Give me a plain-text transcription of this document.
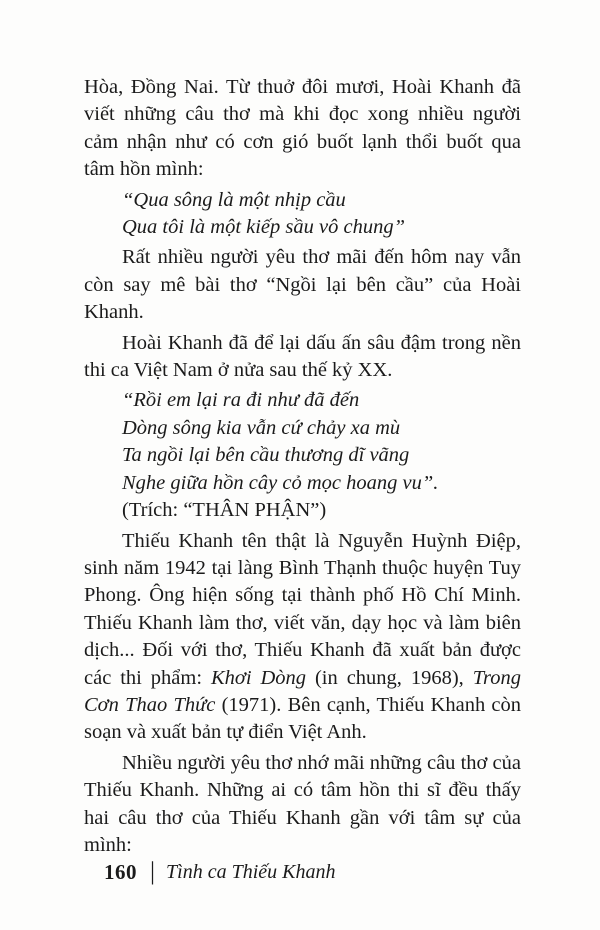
Hòa, Đồng Nai. Từ thuở đôi mươi, Hoài Khanh đã viết những câu thơ mà khi đọc xong nhiều người cảm nhận như có cơn gió buốt lạnh thổi buốt qua tâm hồn mình:

“Qua sông là một nhịp cầu
Qua tôi là một kiếp sầu vô chung”

Rất nhiều người yêu thơ mãi đến hôm nay vẫn còn say mê bài thơ “Ngồi lại bên cầu” của Hoài Khanh.

Hoài Khanh đã để lại dấu ấn sâu đậm trong nền thi ca Việt Nam ở nửa sau thế kỷ XX.

“Rồi em lại ra đi như đã đến
Dòng sông kia vẫn cứ chảy xa mù
Ta ngồi lại bên cầu thương dĩ vãng
Nghe giữa hồn cây cỏ mọc hoang vu”.
(Trích: “THÂN PHẬN”)

Thiếu Khanh tên thật là Nguyễn Huỳnh Điệp, sinh năm 1942 tại làng Bình Thạnh thuộc huyện Tuy Phong. Ông hiện sống tại thành phố Hồ Chí Minh. Thiếu Khanh làm thơ, viết văn, dạy học và làm biên dịch... Đối với thơ, Thiếu Khanh đã xuất bản được các thi phẩm: Khơi Dòng (in chung, 1968), Trong Cơn Thao Thức (1971). Bên cạnh, Thiếu Khanh còn soạn và xuất bản tự điển Việt Anh.

Nhiều người yêu thơ nhớ mãi những câu thơ của Thiếu Khanh. Những ai có tâm hồn thi sĩ đều thấy hai câu thơ của Thiếu Khanh gần với tâm sự của mình:

160 | Tình ca Thiếu Khanh
